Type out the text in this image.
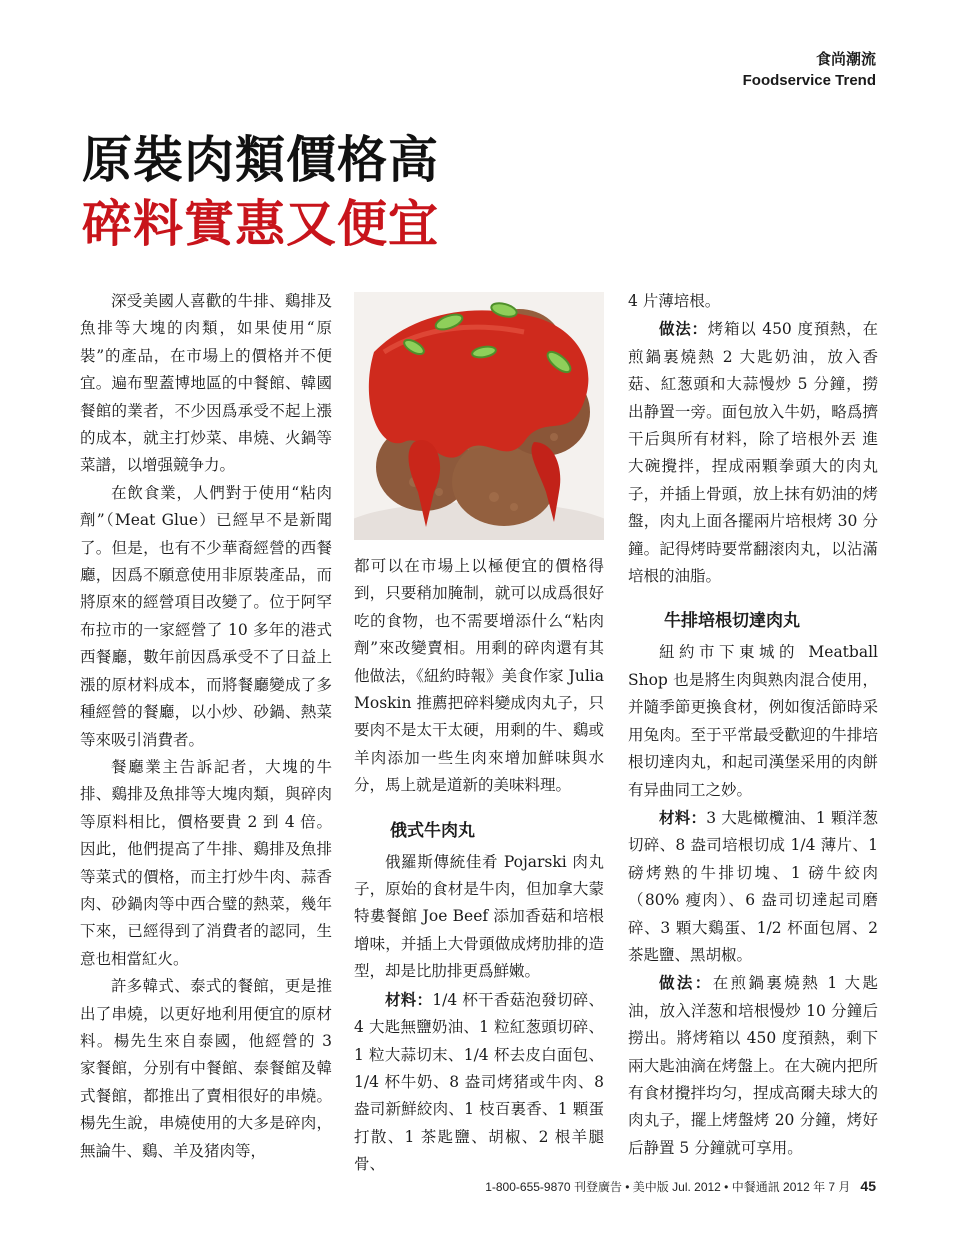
食尚潮流
Foodservice Trend
原裝肉類價格高
碎料實惠又便宜

深受美國人喜歡的牛排、鷄排及魚排等大塊的肉類，如果使用“原裝”的產品，在市場上的價格并不便宜。遍布聖蓋博地區的中餐館、韓國餐館的業者，不少因爲承受不起上漲的成本，就主打炒菜、串燒、火鍋等菜譜，以增强競争力。

在飲食業，人們對于使用“粘肉劑”（Meat Glue）已經早不是新聞了。但是，也有不少華裔經營的西餐廳，因爲不願意使用非原裝產品，而將原來的經營項目改變了。位于阿罕布拉市的一家經營了 10 多年的港式西餐廳，數年前因爲承受不了日益上漲的原材料成本，而將餐廳變成了多種經營的餐廳，以小炒、砂鍋、熱菜等來吸引消費者。

餐廳業主告訴記者，大塊的牛排、鷄排及魚排等大塊肉類，與碎肉等原料相比，價格要貴 2 到 4 倍。因此，他們提高了牛排、鷄排及魚排等菜式的價格，而主打炒牛肉、蒜香肉、砂鍋肉等中西合璧的熱菜，幾年下來，已經得到了消費者的認同，生意也相當紅火。

許多韓式、泰式的餐館，更是推出了串燒，以更好地利用便宜的原材料。楊先生來自泰國，他經營的 3 家餐館，分别有中餐館、泰餐館及韓式餐館，都推出了賣相很好的串燒。楊先生說，串燒使用的大多是碎肉，無論牛、鷄、羊及猪肉等，

都可以在市場上以極便宜的價格得到，只要稍加腌制，就可以成爲很好吃的食物，也不需要增添什么“粘肉劑”來改變賣相。用剩的碎肉還有其他做法，《紐約時報》美食作家 Julia Moskin 推薦把碎料變成肉丸子，只要肉不是太干太硬，用剩的牛、鷄或羊肉添加一些生肉來增加鮮味與水分，馬上就是道新的美味料理。

俄式牛肉丸

俄羅斯傳統佳肴 Pojarski 肉丸子，原始的食材是牛肉，但加拿大蒙特婁餐館 Joe Beef 添加香菇和培根增味，并插上大骨頭做成烤肋排的造型，却是比肋排更爲鮮嫩。

材料：1/4 杯干香菇泡發切碎、4 大匙無鹽奶油、1 粒紅葱頭切碎、1 粒大蒜切末、1/4 杯去皮白面包、1/4 杯牛奶、8 盎司烤猪或牛肉、8 盎司新鮮絞肉、1 枝百裏香、1 顆蛋打散、1 茶匙鹽、胡椒、2 根羊腿骨、

4 片薄培根。

做法：烤箱以 450 度預熱，在煎鍋裏燒熱 2 大匙奶油，放入香菇、紅葱頭和大蒜慢炒 5 分鐘，撈出静置一旁。面包放入牛奶，略爲擠干后與所有材料，除了培根外丟 進大碗攪拌，捏成兩顆拳頭大的肉丸子，并插上骨頭，放上抹有奶油的烤盤，肉丸上面各擺兩片培根烤 30 分鐘。記得烤時要常翻滚肉丸，以沾滿培根的油脂。

牛排培根切達肉丸

紐約市下東城的 Meatball Shop 也是將生肉與熟肉混合使用，并隨季節更換食材，例如復活節時采用兔肉。至于平常最受歡迎的牛排培根切達肉丸，和起司漢堡采用的肉餅有异曲同工之妙。

材料：3 大匙橄欖油、1 顆洋葱切碎、8 盎司培根切成 1/4 薄片、1 磅烤熟的牛排切塊、1 磅牛絞肉（80% 瘦肉）、6 盎司切達起司磨碎、3 顆大鷄蛋、1/2 杯面包屑、2 茶匙鹽、黑胡椒。

做法：在煎鍋裏燒熱 1 大匙油，放入洋葱和培根慢炒 10 分鐘后撈出。將烤箱以 450 度預熱，剩下兩大匙油滴在烤盤上。在大碗内把所有食材攪拌均匀，捏成高爾夫球大的肉丸子，擺上烤盤烤 20 分鐘，烤好后静置 5 分鐘就可享用。

1-800-655-9870 刊登廣告 • 美中版 Jul. 2012 • 中餐通訊 2012 年 7 月 45
